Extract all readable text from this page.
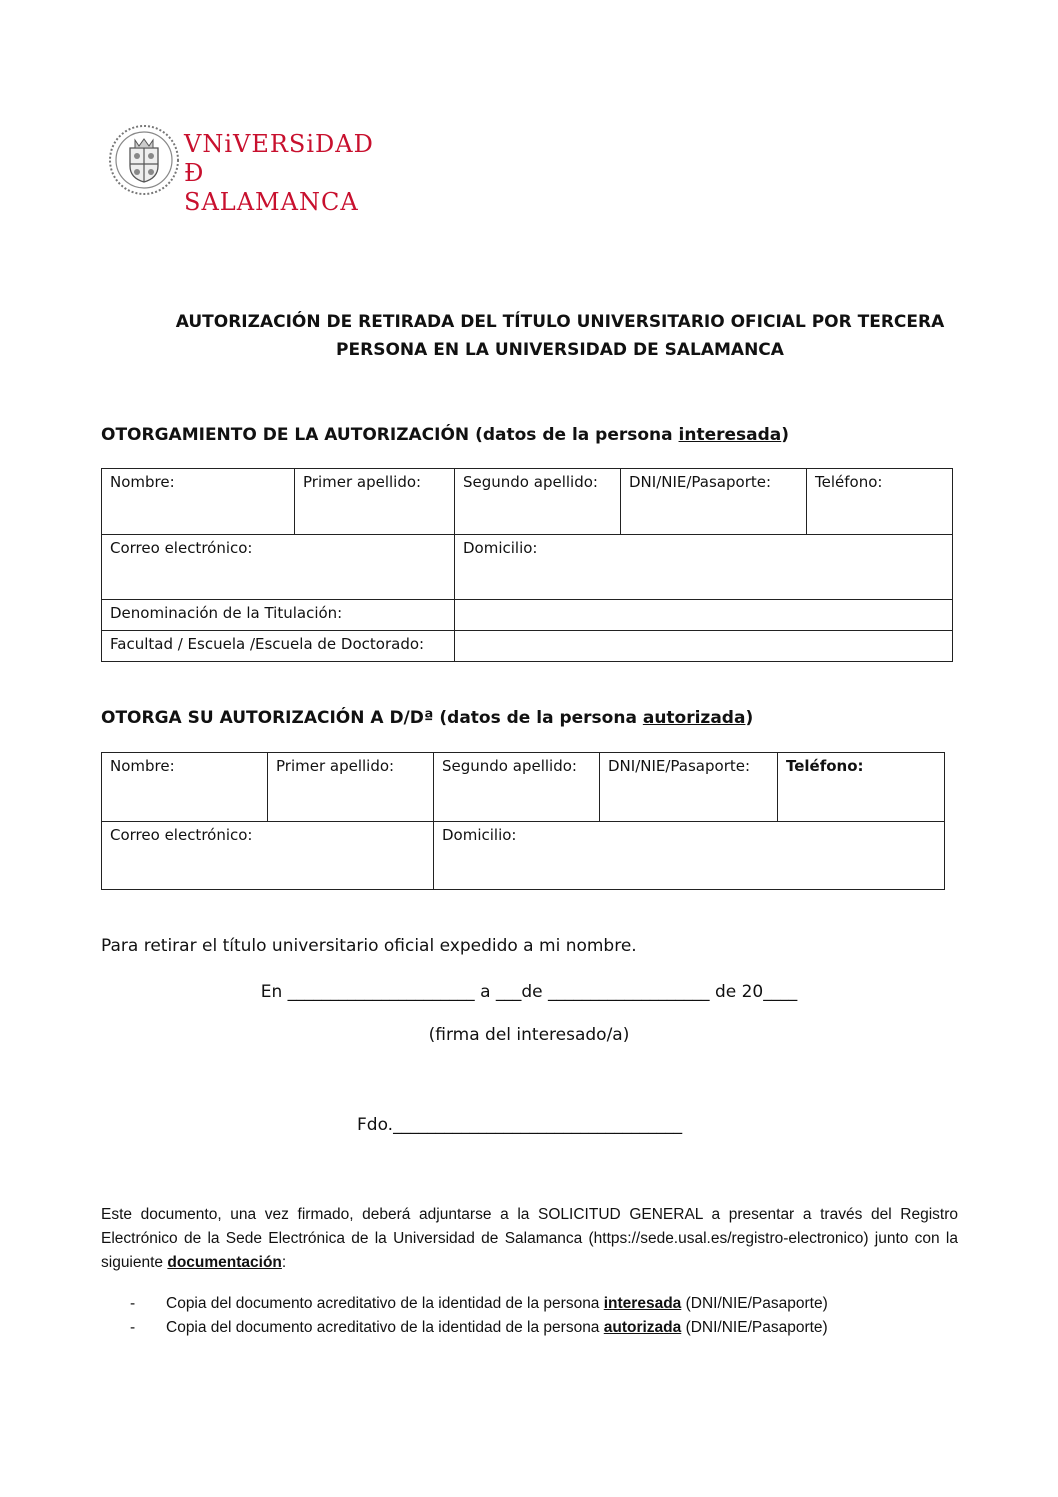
VNiVERSiDAD
Ð SALAMANCA
AUTORIZACIÓN DE RETIRADA DEL TÍTULO UNIVERSITARIO OFICIAL POR TERCERA PERSONA EN LA UNIVERSIDAD DE SALAMANCA
OTORGAMIENTO DE LA AUTORIZACIÓN (datos de la persona interesada)
Nombre:	Primer apellido:	Segundo apellido:	DNI/NIE/Pasaporte:	Teléfono:
Correo electrónico:		Domicilio:		
Denominación de la Titulación:				
Facultad / Escuela /Escuela de Doctorado:				
OTORGA SU AUTORIZACIÓN A D/Dª (datos de la persona autorizada)
Nombre:	Primer apellido:	Segundo apellido:	DNI/NIE/Pasaporte:	Teléfono:
Correo electrónico:		Domicilio:		
Para retirar el título universitario oficial expedido a mi nombre.
En ______________________ a ___de ___________________ de 20____
(firma del interesado/a)
Fdo.__________________________________
Este documento, una vez firmado, deberá adjuntarse a la SOLICITUD GENERAL a presentar a través del Registro Electrónico de la Sede Electrónica de la Universidad de Salamanca (https://sede.usal.es/registro-electronico) junto con la siguiente documentación:
-	Copia del documento acreditativo de la identidad de la persona interesada (DNI/NIE/Pasaporte)
-	Copia del documento acreditativo de la identidad de la persona autorizada (DNI/NIE/Pasaporte)
